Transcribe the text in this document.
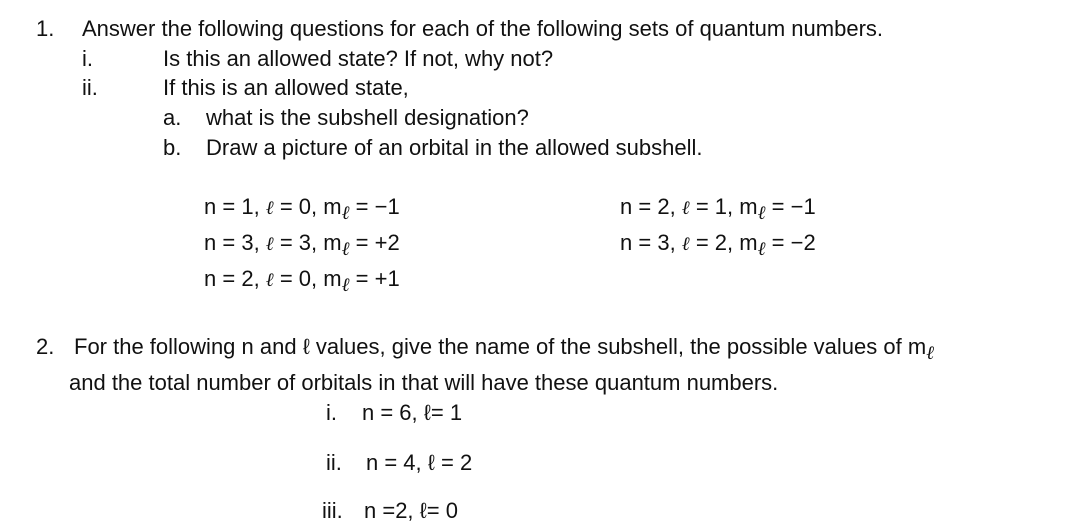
1. Answer the following questions for each of the following sets of quantum numbers.
i.	Is this an allowed state? If not, why not?
ii.	If this is an allowed state,
a. what is the subshell designation?
b. Draw a picture of an orbital in the allowed subshell.
n = 1, ℓ = 0, $m_\ell = -1$
n = 3, ℓ = 3, $m_\ell = +2$
n = 2, ℓ = 0, $m_\ell = +1$
n = 2, ℓ = 1, $m_\ell = -1$
n = 3, ℓ = 2, $m_\ell = -2$
2. For the following n and ℓ values, give the name of the subshell, the possible values of $m_\ell$
and the total number of orbitals in that will have these quantum numbers.
i. n = 6, ℓ= 1
ii. n = 4, ℓ = 2
iii. n =2, ℓ= 0
